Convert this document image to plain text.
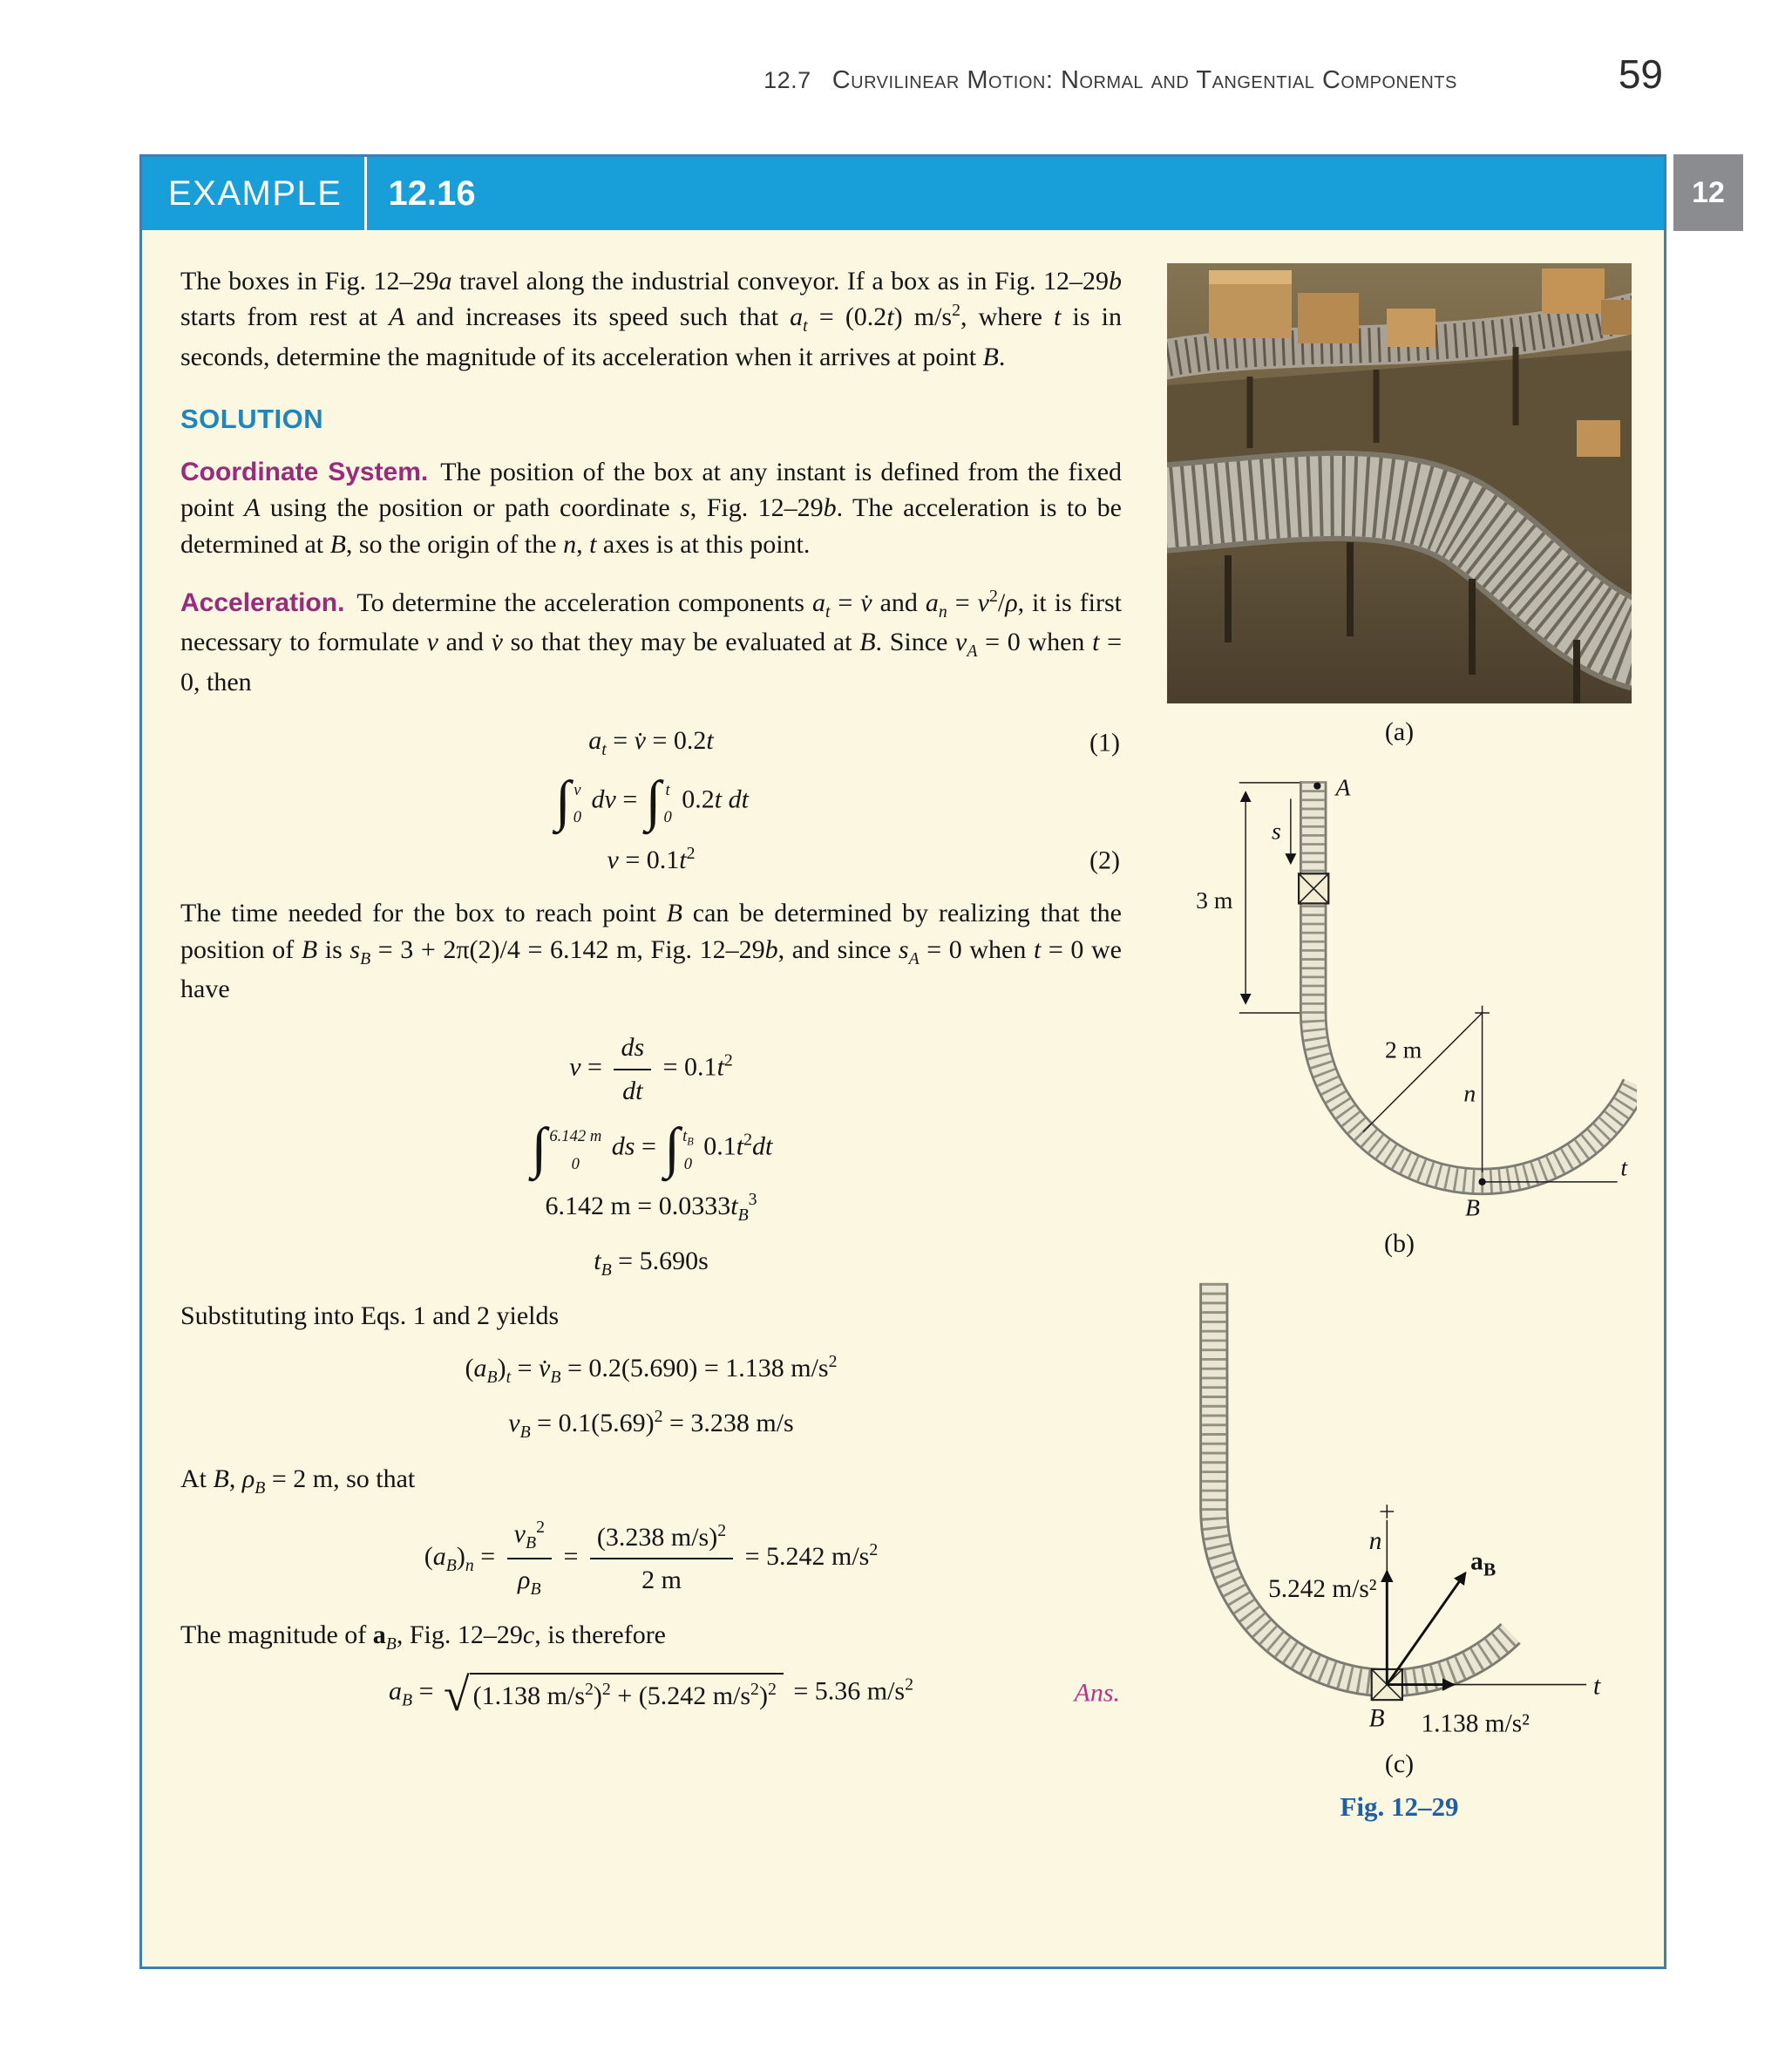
12.7 Curvilinear Motion: Normal and Tangential Components	59
12
EXAMPLE 12.16

The boxes in Fig. 12–29a travel along the industrial conveyor. If a box as in Fig. 12–29b starts from rest at A and increases its speed such that $a_t = (0.2t)$ $m/s^2$, where t is in seconds, determine the magnitude of its acceleration when it arrives at point B.

SOLUTION

Coordinate System. The position of the box at any instant is defined from the fixed point A using the position or path coordinate s, Fig. 12–29b. The acceleration is to be determined at B, so the origin of the n, t axes is at this point.

Acceleration. To determine the acceleration components $a_t$ = v̇ and $a_n = v^2/\rho$, it is first necessary to formulate v and v̇ so that they may be evaluated at B. Since $v_A = 0$ when t = 0, then

$a_t$ = v̇ = 0.2t	(1)
∫ v
0
dv = ∫ t
0
0.2t dt
$v = 0.1t^2$	(2)

The time needed for the box to reach point B can be determined by realizing that the position of B is $s_B = 3 + 2\pi(2)/4 = 6.142$ m, Fig. 12–29b, and since $s_A = 0$ when t = 0 we have

$v = \frac{ds}{dt} = 0.1t^2$
∫ 6.142 m
0
ds = ∫ $t_B$
0
$0.1t^2dt$
6.142 $m = 0.0333t_B^3$
$t_B = 5.690s$

Substituting into Eqs. 1 and 2 yields

$(a_B)_t$ = $v̇_B = 0.2(5.690) = 1.138$ $m/s^2$
$v_B = 0.1(5.69)^2 = 3.238$ m/s

At B, $\rho_B = 2$ m, so that

$(a_B)_n = \frac{v_B^2}{\rho_B} = \frac{(3.238 m/s)^2}{2 m} = 5.242$ $m/s^2$

The magnitude of $a_B$, Fig. 12–29c, is therefore

$a_B$ = √ (1.138 $m/s^2)^2 + (5.242$ $m/s^2)^2 = 5.36$ $m/s^2$	Ans.
(a)
3 m
A
s
2 m
n
t
B
(b)
n
t
5.242 m/s²
$a_B$
B 1.138 m/s²
(c)
Fig. 12–29
